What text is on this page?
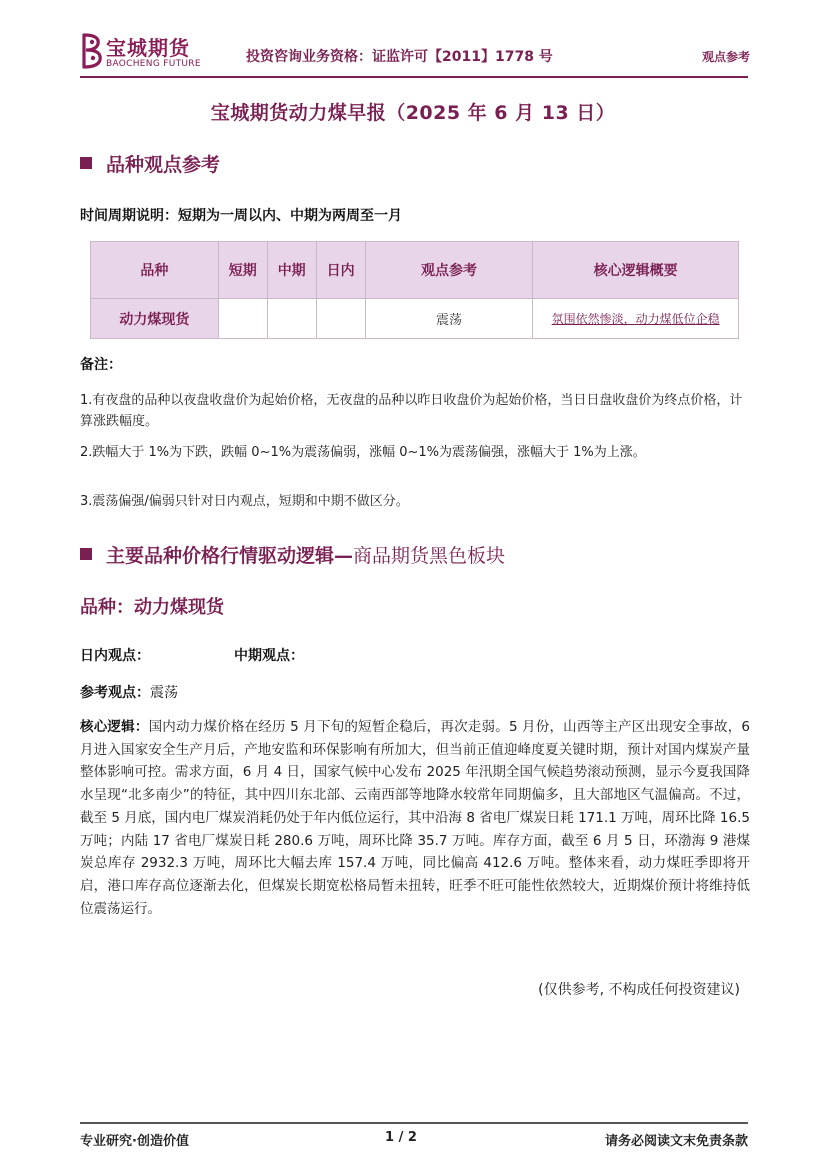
宝城期货
BAOCHENG FUTURE	投资咨询业务资格：证监许可【2011】1778 号	观点参考
宝城期货动力煤早报（2025 年 6 月 13 日）
品种观点参考
时间周期说明：短期为一周以内、中期为两周至一月
品种	短期	中期	日内	观点参考	核心逻辑概要
动力煤现货				震荡	氛围依然惨淡，动力煤低位企稳
备注：
1.有夜盘的品种以夜盘收盘价为起始价格，无夜盘的品种以昨日收盘价为起始价格，当日日盘收盘价为终点价格，计算涨跌幅度。
2.跌幅大于 1%为下跌，跌幅 0~1%为震荡偏弱，涨幅 0~1%为震荡偏强，涨幅大于 1%为上涨。
3.震荡偏强/偏弱只针对日内观点，短期和中期不做区分。
主要品种价格行情驱动逻辑—商品期货黑色板块
品种：动力煤现货
日内观点：	中期观点：
参考观点：震荡
核心逻辑：国内动力煤价格在经历 5 月下旬的短暂企稳后，再次走弱。5 月份，山西等主产区出现安全事故，6 月进入国家安全生产月后，产地安监和环保影响有所加大，但当前正值迎峰度夏关键时期，预计对国内煤炭产量整体影响可控。需求方面，6 月 4 日，国家气候中心发布 2025 年汛期全国气候趋势滚动预测，显示今夏我国降水呈现“北多南少”的特征，其中四川东北部、云南西部等地降水较常年同期偏多，且大部地区气温偏高。不过，截至 5 月底，国内电厂煤炭消耗仍处于年内低位运行，其中沿海 8 省电厂煤炭日耗 171.1 万吨，周环比降 16.5 万吨；内陆 17 省电厂煤炭日耗 280.6 万吨，周环比降 35.7 万吨。库存方面，截至 6 月 5 日，环渤海 9 港煤炭总库存 2932.3 万吨，周环比大幅去库 157.4 万吨，同比偏高 412.6 万吨。整体来看，动力煤旺季即将开启，港口库存高位逐渐去化，但煤炭长期宽松格局暂未扭转，旺季不旺可能性依然较大，近期煤价预计将维持低位震荡运行。
(仅供参考, 不构成任何投资建议)
专业研究·创造价值	1 / 2	请务必阅读文末免责条款
